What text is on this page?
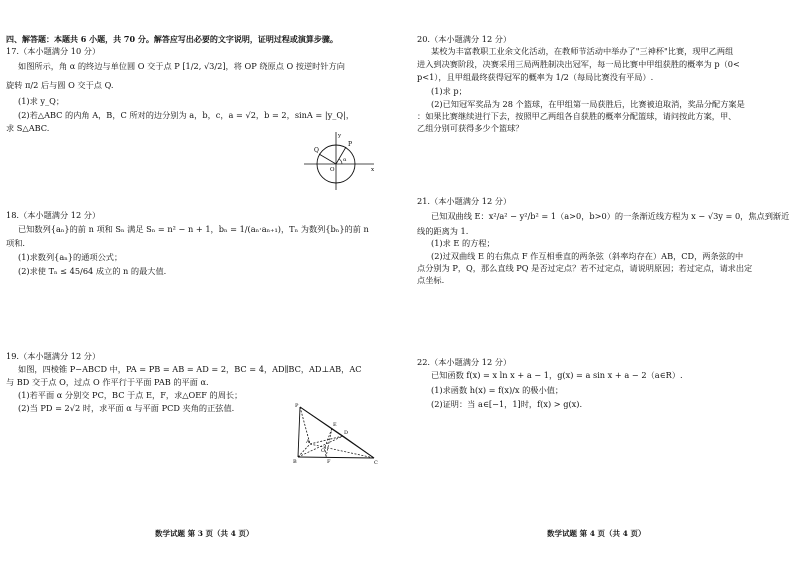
四、解答题：本题共 6 小题，共 70 分。解答应写出必要的文字说明，证明过程或演算步骤。
17.（本小题满分 10 分）
如图所示，角 α 的终边与单位圆 O 交于点 P [1/2, √3/2]，将 OP 绕原点 O 按逆时针方向
旋转 π/2 后与圆 O 交于点 Q.
(1)求 y_Q；
(2)若△ABC 的内角 A，B，C 所对的边分别为 a，b，c，a = √2，b = 2，sinA = |y_Q|，
求 S△ABC.
Q
P
O	x
y
α
18.（本小题满分 12 分）
已知数列{aₙ}的前 n 项和 Sₙ 满足 Sₙ = n² − n + 1，bₙ = 1/(aₙ·aₙ₊₁)，Tₙ 为数列{bₙ}的前 n
项和.
(1)求数列{aₙ}的通项公式；
(2)求使 Tₙ ≤ 45/64 成立的 n 的最大值.
19.（本小题满分 12 分）
如图，四棱锥 P−ABCD 中，PA = PB = AB = AD = 2，BC = 4，AD∥BC，AD⊥AB，AC
与 BD 交于点 O，过点 O 作平行于平面 PAB 的平面 α.
(1)若平面 α 分别交 PC，BC 于点 E，F，求△OEF 的周长；
(2)当 PD = 2√2 时，求平面 α 与平面 PCD 夹角的正弦值.	P
A
B	C
D
E
F
O
数学试题 第 3 页（共 4 页）
20.（本小题满分 12 分）
某校为丰富教职工业余文化活动，在教师节活动中举办了"三神杯"比赛，现甲乙两组
进入到决赛阶段，决赛采用三局两胜制决出冠军，每一局比赛中甲组获胜的概率为 p（0<
p<1），且甲组最终获得冠军的概率为 1/2（每局比赛没有平局）.
(1)求 p；
(2)已知冠军奖品为 28 个篮球，在甲组第一局获胜后，比赛被迫取消，奖品分配方案是
：如果比赛继续进行下去，按照甲乙两组各自获胜的概率分配篮球，请问按此方案，甲、
乙组分别可获得多少个篮球？
21.（本小题满分 12 分）
已知双曲线 E：x²/a² − y²/b² = 1（a>0，b>0）的一条渐近线方程为 x − √3y = 0，焦点到渐近
线的距离为 1.
(1)求 E 的方程；
(2)过双曲线 E 的右焦点 F 作互相垂直的两条弦（斜率均存在）AB，CD，两条弦的中
点分别为 P，Q，那么直线 PQ 是否过定点？若不过定点，请说明原因；若过定点，请求出定
点坐标.
22.（本小题满分 12 分）
已知函数 f(x) = x ln x + a − 1，g(x) = a sin x + a − 2（a∈R）.
(1)求函数 h(x) = f(x)/x 的极小值；
(2)证明：当 a∈[−1，1]时，f(x) > g(x).
数学试题 第 4 页（共 4 页）
